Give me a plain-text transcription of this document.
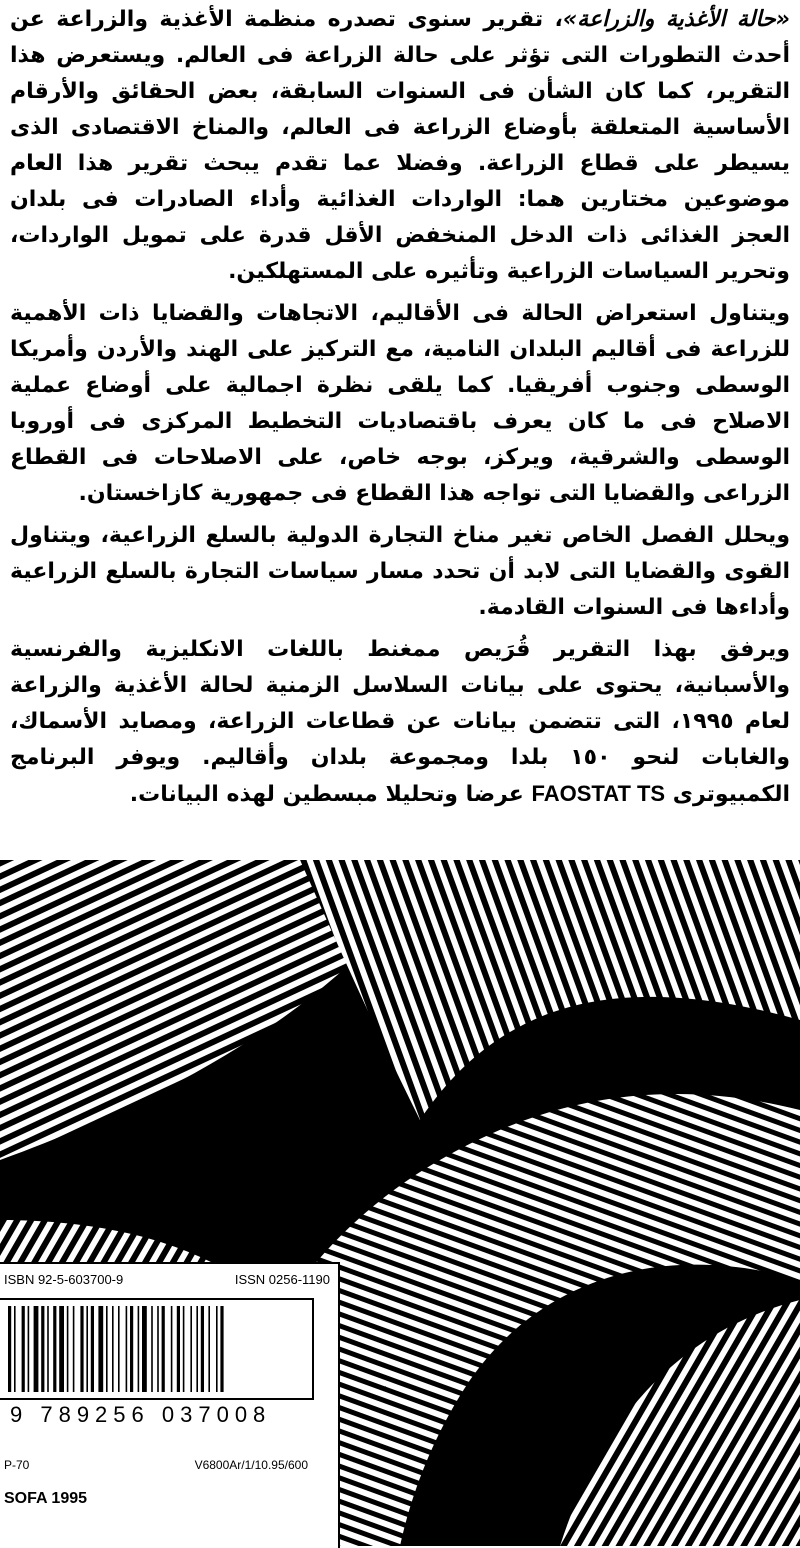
«حالة الأغذية والزراعة»، تقرير سنوى تصدره منظمة الأغذية والزراعة عن أحدث التطورات التى تؤثر على حالة الزراعة فى العالم. ويستعرض هذا التقرير، كما كان الشأن فى السنوات السابقة، بعض الحقائق والأرقام الأساسية المتعلقة بأوضاع الزراعة فى العالم، والمناخ الاقتصادى الذى يسيطر على قطاع الزراعة. وفضلا عما تقدم يبحث تقرير هذا العام موضوعين مختارين هما: الواردات الغذائية وأداء الصادرات فى بلدان العجز الغذائى ذات الدخل المنخفض الأقل قدرة على تمويل الواردات، وتحرير السياسات الزراعية وتأثيره على المستهلكين.

ويتناول استعراض الحالة فى الأقاليم، الاتجاهات والقضايا ذات الأهمية للزراعة فى أقاليم البلدان النامية، مع التركيز على الهند والأردن وأمريكا الوسطى وجنوب أفريقيا. كما يلقى نظرة اجمالية على أوضاع عملية الاصلاح فى ما كان يعرف باقتصاديات التخطيط المركزى فى أوروبا الوسطى والشرقية، ويركز، بوجه خاص، على الاصلاحات فى القطاع الزراعى والقضايا التى تواجه هذا القطاع فى جمهورية كازاخستان.

ويحلل الفصل الخاص تغير مناخ التجارة الدولية بالسلع الزراعية، ويتناول القوى والقضايا التى لابد أن تحدد مسار سياسات التجارة بالسلع الزراعية وأداءها فى السنوات القادمة.

ويرفق بهذا التقرير قُرَيص ممغنط باللغات الانكليزية والفرنسية والأسبانية، يحتوى على بيانات السلاسل الزمنية لحالة الأغذية والزراعة لعام ١٩٩٥، التى تتضمن بيانات عن قطاعات الزراعة، ومصايد الأسماك، والغابات لنحو ١٥٠ بلدا ومجموعة بلدان وأقاليم. ويوفر البرنامج الكمبيوترى FAOSTAT TS عرضا وتحليلا مبسطين لهذه البيانات.

ISBN 92-5-603700-9	ISSN 0256-1190
9 789256 037008
P-70	V6800Ar/1/10.95/600
SOFA 1995
